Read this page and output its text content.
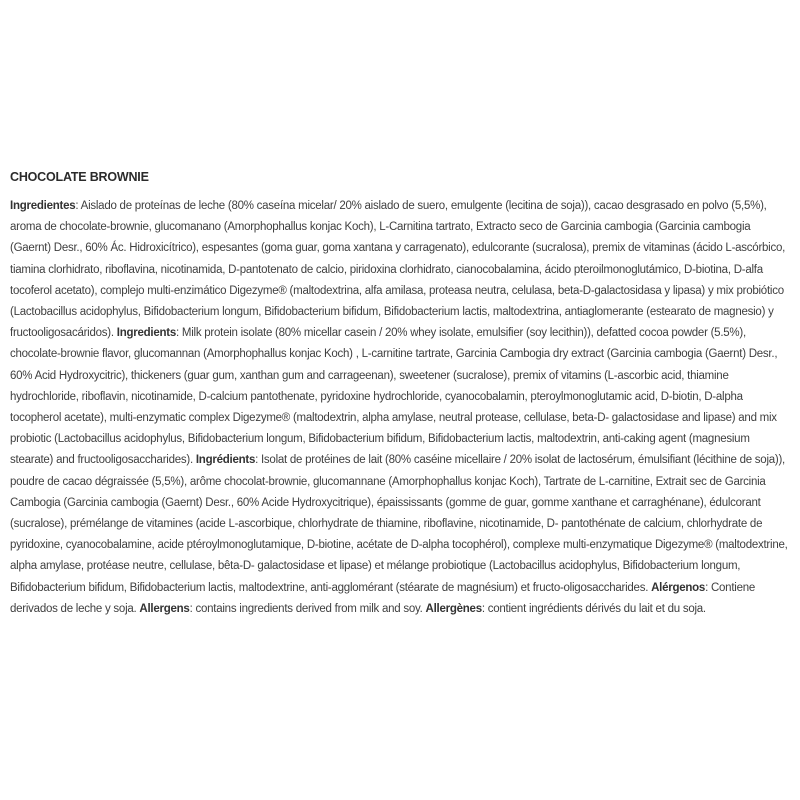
CHOCOLATE BROWNIE
Ingredientes: Aislado de proteínas de leche (80% caseína micelar/ 20% aislado de suero, emulgente (lecitina de soja)), cacao desgrasado en polvo (5,5%), aroma de chocolate-brownie, glucomanano (Amorphophallus konjac Koch), L-Carnitina tartrato, Extracto seco de Garcinia cambogia (Garcinia cambogia (Gaernt) Desr., 60% Ác. Hidroxicítrico), espesantes (goma guar, goma xantana y carragenato), edulcorante (sucralosa), premix de vitaminas (ácido L-ascórbico, tiamina clorhidrato, riboflavina, nicotinamida, D-pantotenato de calcio, piridoxina clorhidrato, cianocobalamina, ácido pteroilmonoglutámico, D-biotina, D-alfa tocoferol acetato), complejo multi-enzimático Digezyme® (maltodextrina, alfa amilasa, proteasa neutra, celulasa, beta-D-galactosidasa y lipasa) y mix probiótico (Lactobacillus acidophylus, Bifidobacterium longum, Bifidobacterium bifidum, Bifidobacterium lactis, maltodextrina, antiaglomerante (estearato de magnesio) y fructooligosacáridos). Ingredients: Milk protein isolate (80% micellar casein / 20% whey isolate, emulsifier (soy lecithin)), defatted cocoa powder (5.5%), chocolate-brownie flavor, glucomannan (Amorphophallus konjac Koch) , L-carnitine tartrate, Garcinia Cambogia dry extract (Garcinia cambogia (Gaernt) Desr., 60% Acid Hydroxycitric), thickeners (guar gum, xanthan gum and carrageenan), sweetener (sucralose), premix of vitamins (L-ascorbic acid, thiamine hydrochloride, riboflavin, nicotinamide, D-calcium pantothenate, pyridoxine hydrochloride, cyanocobalamin, pteroylmonoglutamic acid, D-biotin, D-alpha tocopherol acetate), multi-enzymatic complex Digezyme® (maltodextrin, alpha amylase, neutral protease, cellulase, beta-D- galactosidase and lipase) and mix probiotic (Lactobacillus acidophylus, Bifidobacterium longum, Bifidobacterium bifidum, Bifidobacterium lactis, maltodextrin, anti-caking agent (magnesium stearate) and fructooligosaccharides). Ingrédients: Isolat de protéines de lait (80% caséine micellaire / 20% isolat de lactosérum, émulsifiant (lécithine de soja)), poudre de cacao dégraissée (5,5%), arôme chocolat-brownie, glucomannane (Amorphophallus konjac Koch), Tartrate de L-carnitine, Extrait sec de Garcinia Cambogia (Garcinia cambogia (Gaernt) Desr., 60% Acide Hydroxycitrique), épaississants (gomme de guar, gomme xanthane et carraghénane), édulcorant (sucralose), prémélange de vitamines (acide L-ascorbique, chlorhydrate de thiamine, riboflavine, nicotinamide, D- pantothénate de calcium, chlorhydrate de pyridoxine, cyanocobalamine, acide ptéroylmonoglutamique, D-biotine, acétate de D-alpha tocophérol), complexe multi-enzymatique Digezyme® (maltodextrine, alpha amylase, protéase neutre, cellulase, bêta-D- galactosidase et lipase) et mélange probiotique (Lactobacillus acidophylus, Bifidobacterium longum, Bifidobacterium bifidum, Bifidobacterium lactis, maltodextrine, anti-agglomérant (stéarate de magnésium) et fructo-oligosaccharides. Alérgenos: Contiene derivados de leche y soja. Allergens: contains ingredients derived from milk and soy. Allergènes: contient ingrédients dérivés du lait et du soja.
